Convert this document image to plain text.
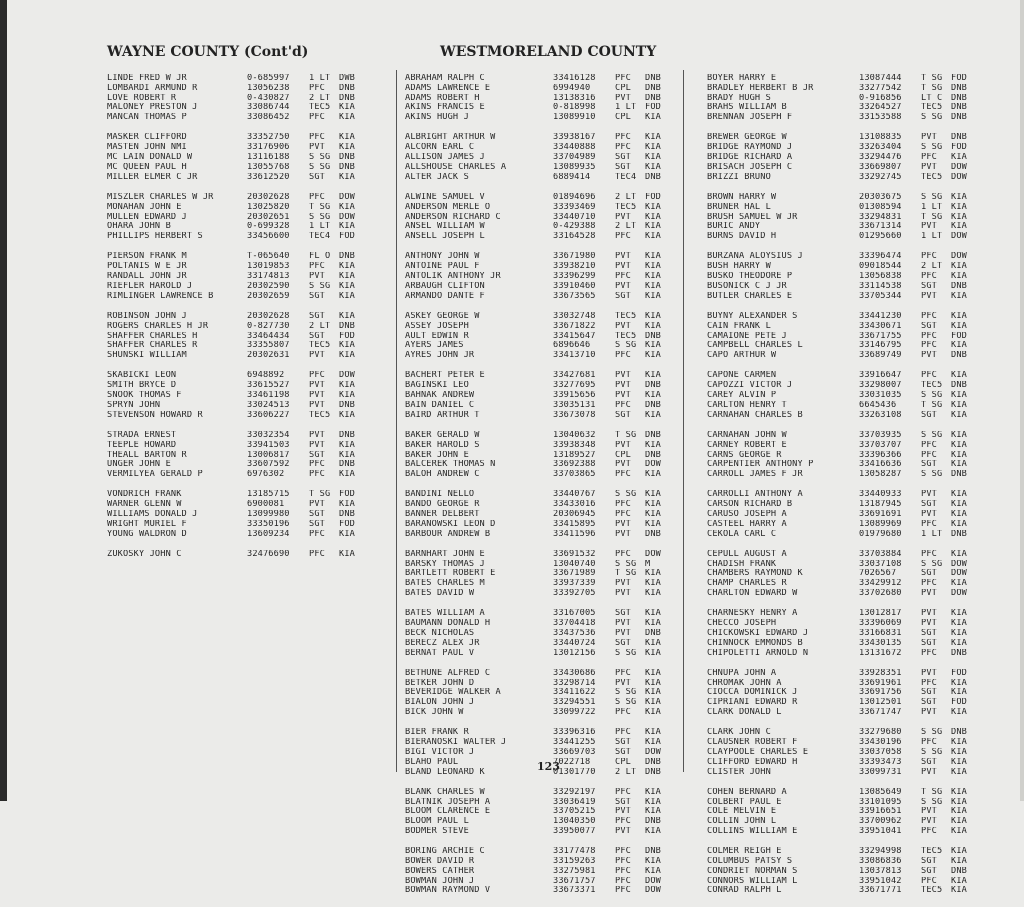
WAYNE COUNTY (Cont'd)	WESTMORELAND COUNTY
LINDE FRED W JR	0-685997	1 LT	DWB
LOMBARDI ARMUND R	13056238	PFC	DNB
LOVE ROBERT R	0-430827	2 LT	DNB
MALONEY PRESTON J	33086744	TEC5	KIA
MANCAN THOMAS P	33086452	PFC	KIA
MASKER CLIFFORD	33352750	PFC	KIA
MASTEN JOHN NMI	33176906	PVT	KIA
MC LAIN DONALD W	13116188	S SG	DNB
MC QUEEN PAUL H	13055768	S SG	DNB
MILLER ELMER C JR	33612520	SGT	KIA
MISZLER CHARLES W JR	20302628	PFC	DOW
MONAHAN JOHN E	13025820	T SG	KIA
MULLEN EDWARD J	20302651	S SG	DOW
OHARA JOHN B	0-699328	1 LT	KIA
PHILLIPS HERBERT S	33456600	TEC4	FOD
PIERSON FRANK M	T-065640	FL O	DNB
POLTANIS W E JR	13019853	PFC	KIA
RANDALL JOHN JR	33174813	PVT	KIA
RIEFLER HAROLD J	20302590	S SG	KIA
RIMLINGER LAWRENCE B	20302659	SGT	KIA
ROBINSON JOHN J	20302628	SGT	KIA
ROGERS CHARLES H JR	0-827730	2 LT	DNB
SHAFFER CHARLES H	33464434	SGT	FOD
SHAFFER CHARLES R	33355807	TEC5	KIA
SHUNSKI WILLIAM	20302631	PVT	KIA
SKABICKI LEON	6948892	PFC	DOW
SMITH BRYCE D	33615527	PVT	KIA
SNOOK THOMAS F	33461198	PVT	KIA
SPRYN JOHN	33024513	PVT	DNB
STEVENSON HOWARD R	33606227	TEC5	KIA
STRADA ERNEST	33032354	PVT	DNB
TEEPLE HOWARD	33941503	PVT	KIA
THEALL BARTON R	13006817	SGT	KIA
UNGER JOHN E	33607592	PFC	DNB
VERMILYEA GERALD P	6976302	PFC	KIA
VONDRICH FRANK	13185715	T SG	FOD
WARNER GLENN W	6900081	PVT	KIA
WILLIAMS DONALD J	13099980	SGT	DNB
WRIGHT MURIEL F	33350196	SGT	FOD
YOUNG WALDRON D	13609234	PFC	KIA
ZUKOSKY JOHN C	32476690	PFC	KIA
ABRAHAM RALPH C	33416128	PFC	DNB
ADAMS LAWRENCE E	6994940	CPL	DNB
ADAMS ROBERT H	13138316	PVT	DNB
AKINS FRANCIS E	0-818998	1 LT	FOD
AKINS HUGH J	13089910	CPL	KIA
ALBRIGHT ARTHUR W	33938167	PFC	KIA
ALCORN EARL C	33440888	PFC	KIA
ALLISON JAMES J	33704989	SGT	KIA
ALLSHOUSE CHARLES A	13089935	SGT	KIA
ALTER JACK S	6889414	TEC4	DNB
ALWINE SAMUEL V	01894696	2 LT	FOD
ANDERSON MERLE O	33393469	TEC5	KIA
ANDERSON RICHARD C	33440710	PVT	KIA
ANSEL WILLIAM W	0-429388	2 LT	KIA
ANSELL JOSEPH L	33164528	PFC	KIA
ANTHONY JOHN W	33671980	PVT	KIA
ANTOINE PAUL F	33938210	PVT	KIA
ANTOLIK ANTHONY JR	33396299	PFC	KIA
ARBAUGH CLIFTON	33910460	PVT	KIA
ARMANDO DANTE F	33673565	SGT	KIA
ASKEY GEORGE W	33032748	TEC5	KIA
ASSEY JOSEPH	33671822	PVT	KIA
AULT EDWIN R	33415647	TEC5	DNB
AYERS JAMES	6896646	S SG	KIA
AYRES JOHN JR	33413710	PFC	KIA
BACHERT PETER E	33427681	PVT	KIA
BAGINSKI LEO	33277695	PVT	DNB
BAHNAK ANDREW	33915656	PVT	KIA
BAIN DANIEL C	33035131	PFC	DNB
BAIRD ARTHUR T	33673078	SGT	KIA
BAKER GERALD W	13040632	T SG	DNB
BAKER HAROLD S	33938348	PVT	KIA
BAKER JOHN E	13189527	CPL	DNB
BALCEREK THOMAS N	33692388	PVT	DOW
BALOH ANDREW C	33703865	PFC	KIA
BANDINI NELLO	33440767	S SG	KIA
BANDO GEORGE R	33433016	PFC	KIA
BANNER DELBERT	20306945	PFC	KIA
BARANOWSKI LEON D	33415895	PVT	KIA
BARBOUR ANDREW B	33411596	PVT	DNB
BARNHART JOHN E	33691532	PFC	DOW
BARSKY THOMAS J	13040740	S SG	M
BARTLETT ROBERT E	33671989	T SG	KIA
BATES CHARLES M	33937339	PVT	KIA
BATES DAVID W	33392705	PVT	KIA
BATES WILLIAM A	33167005	SGT	KIA
BAUMANN DONALD H	33704418	PVT	KIA
BECK NICHOLAS	33437536	PVT	DNB
BERECZ ALEX JR	33440724	SGT	KIA
BERNAT PAUL V	13012156	S SG	KIA
BETHUNE ALFRED C	33430686	PFC	KIA
BETKER JOHN D	33298714	PVT	KIA
BEVERIDGE WALKER A	33411622	S SG	KIA
BIALON JOHN J	33294551	S SG	KIA
BICK JOHN W	33099722	PFC	KIA
BIER FRANK R	33396316	PFC	KIA
BIERANOSKI WALTER J	33441255	SGT	KIA
BIGI VICTOR J	33669703	SGT	DOW
BLAHO PAUL	7022718	CPL	DNB
BLAND LEONARD K	01301770	2 LT	DNB
BLANK CHARLES W	33292197	PFC	KIA
BLATNIK JOSEPH A	33036419	SGT	KIA
BLOOM CLARENCE E	33705215	PVT	KIA
BLOOM PAUL L	13040350	PFC	DNB
BODMER STEVE	33950077	PVT	KIA
BORING ARCHIE C	33177478	PFC	DNB
BOWER DAVID R	33159263	PFC	KIA
BOWERS CATHER	33275981	PFC	KIA
BOWMAN JOHN J	33671757	PFC	DOW
BOWMAN RAYMOND V	33673371	PFC	DOW
BOYER HARRY E	13087444	T SG	FOD
BRADLEY HERBERT B JR	33277542	T SG	DNB
BRADY HUGH S	0-916856	LT C	DNB
BRAHS WILLIAM B	33264527	TEC5	DNB
BRENNAN JOSEPH F	33153588	S SG	DNB
BREWER GEORGE W	13108835	PVT	DNB
BRIDGE RAYMOND J	33263404	S SG	FOD
BRIDGE RICHARD A	33294476	PFC	KIA
BRISACH JOSEPH C	33669807	PVT	DOW
BRIZZI BRUNO	33292745	TEC5	DOW
BROWN HARRY W	20303675	S SG	KIA
BRUNER HAL L	01308594	1 LT	KIA
BRUSH SAMUEL W JR	33294831	T SG	KIA
BURIC ANDY	33671314	PVT	KIA
BURNS DAVID H	01295660	1 LT	DOW
BURZANA ALOYSIUS J	33396474	PFC	DOW
BUSH HARRY W	09018544	2 LT	KIA
BUSKO THEODORE P	13056838	PFC	KIA
BUSONICK C J JR	33114538	SGT	DNB
BUTLER CHARLES E	33705344	PVT	KIA
BUYNY ALEXANDER S	33441230	PFC	KIA
CAIN FRANK L	33430671	SGT	KIA
CAMAIONE PETE J	33671755	PFC	FOD
CAMPBELL CHARLES L	33146795	PFC	KIA
CAPO ARTHUR W	33689749	PVT	DNB
CAPONE CARMEN	33916647	PFC	KIA
CAPOZZI VICTOR J	33298007	TEC5	DNB
CAREY ALVIN P	33031035	S SG	KIA
CARLTON HENRY T	6645436	T SG	KIA
CARNAHAN CHARLES B	33263108	SGT	KIA
CARNAHAN JOHN W	33703935	S SG	KIA
CARNEY ROBERT E	33703707	PFC	KIA
CARNS GEORGE R	33396366	PFC	KIA
CARPENTIER ANTHONY P	33416636	SGT	KIA
CARROLL JAMES F JR	13058287	S SG	DNB
CARROLLI ANTHONY A	33440933	PVT	KIA
CARSON RICHARD B	13187945	SGT	KIA
CARUSO JOSEPH A	33691691	PVT	KIA
CASTEEL HARRY A	13089969	PFC	KIA
CEKOLA CARL C	01979680	1 LT	DNB
CEPULL AUGUST A	33703884	PFC	KIA
CHADISH FRANK	33037108	S SG	DOW
CHAMBERS RAYMOND K	7026567	SGT	DOW
CHAMP CHARLES R	33429912	PFC	KIA
CHARLTON EDWARD W	33702680	PVT	DOW
CHARNESKY HENRY A	13012817	PVT	KIA
CHECCO JOSEPH	33396069	PVT	KIA
CHICKOWSKI EDWARD J	33166831	SGT	KIA
CHINNOCK EMMONDS B	33430135	SGT	KIA
CHIPOLETTI ARNOLD N	13131672	PFC	DNB
CHNUPA JOHN A	33928351	PVT	FOD
CHROMAK JOHN A	33691961	PFC	KIA
CIOCCA DOMINICK J	33691756	SGT	KIA
CIPRIANI EDWARD R	13012501	SGT	FOD
CLARK DONALD L	33671747	PVT	KIA
CLARK JOHN C	33279680	S SG	DNB
CLAUSNER ROBERT F	33430196	PFC	KIA
CLAYPOOLE CHARLES E	33037058	S SG	KIA
CLIFFORD EDWARD H	33393473	SGT	KIA
CLISTER JOHN	33099731	PVT	KIA
COHEN BERNARD A	13085649	T SG	KIA
COLBERT PAUL E	33101095	S SG	KIA
COLE MELVIN E	33916651	PVT	KIA
COLLIN JOHN L	33700962	PVT	KIA
COLLINS WILLIAM E	33951041	PFC	KIA
COLMER REIGH E	33294998	TEC5	KIA
COLUMBUS PATSY S	33086836	SGT	KIA
CONDRIET NORMAN S	13037813	SGT	DNB
CONNORS WILLIAM L	33951042	PFC	KIA
CONRAD RALPH L	33671771	TEC5	KIA
123
